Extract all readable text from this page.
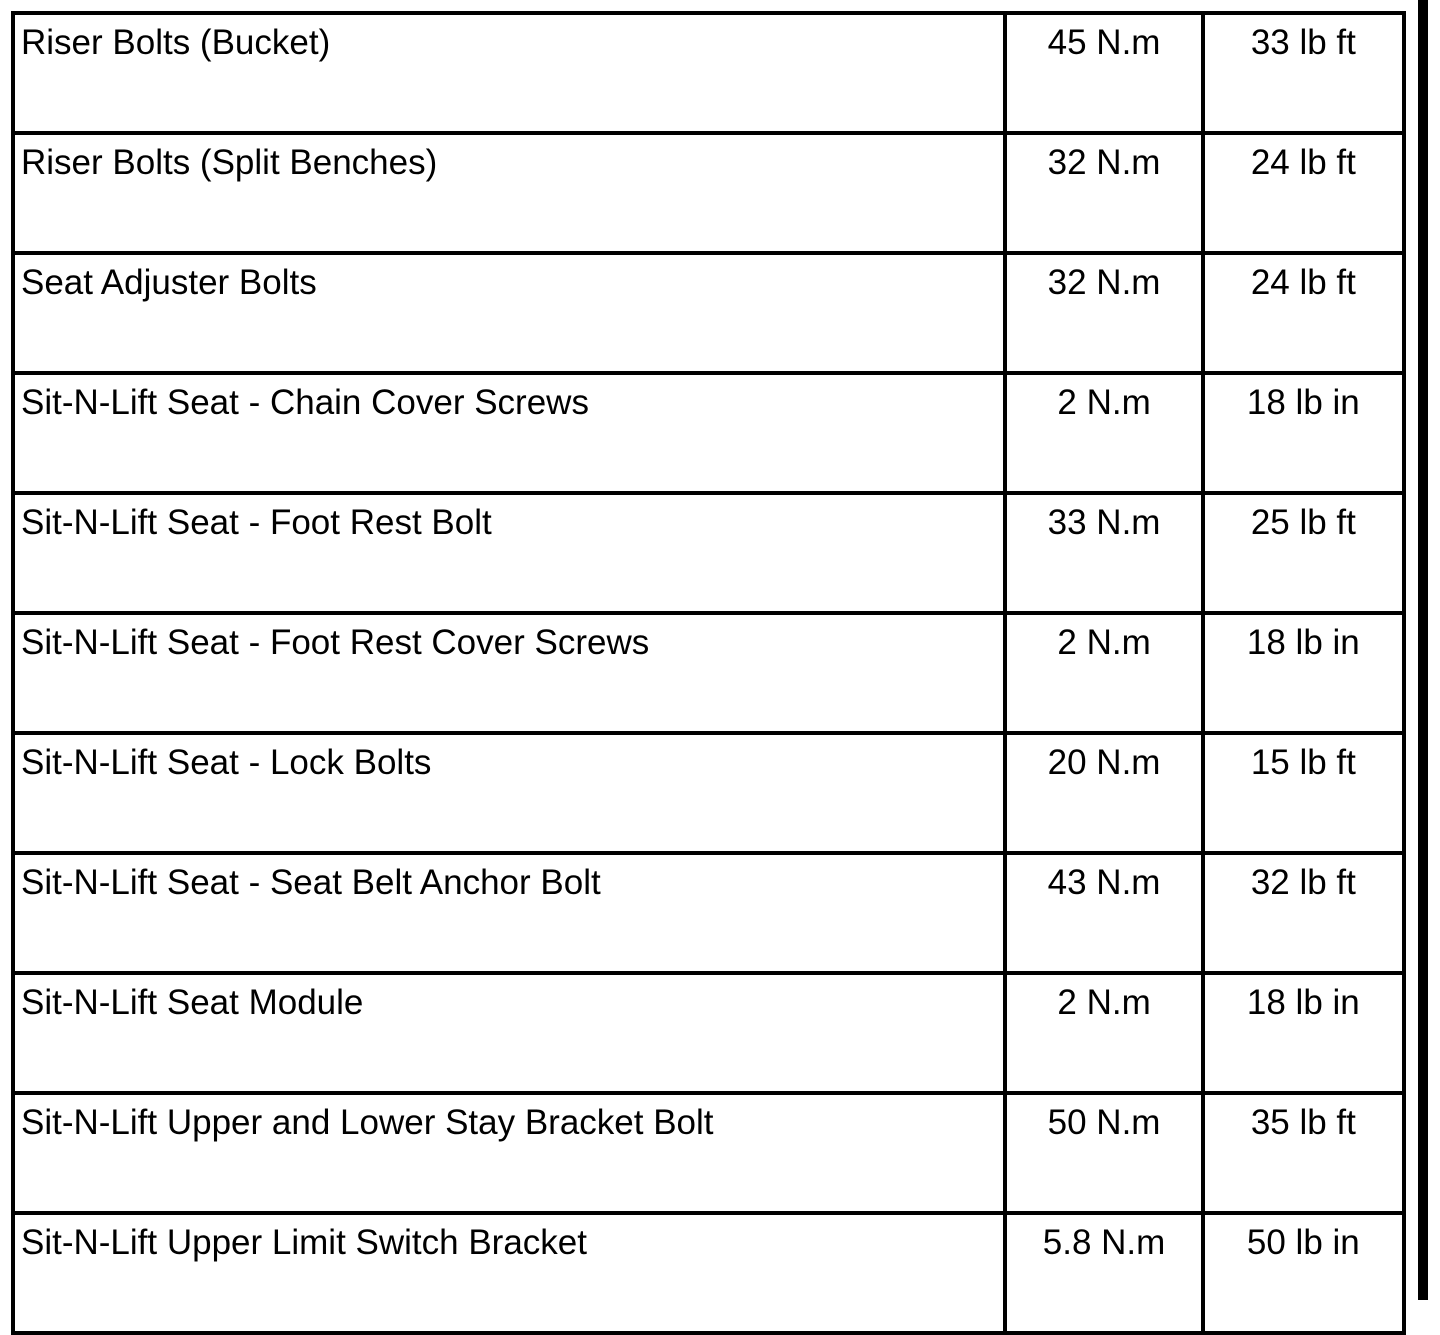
Riser Bolts (Bucket)	45 N.m	33 lb ft
Riser Bolts (Split Benches)	32 N.m	24 lb ft
Seat Adjuster Bolts	32 N.m	24 lb ft
Sit-N-Lift Seat - Chain Cover Screws	2 N.m	18 lb in
Sit-N-Lift Seat - Foot Rest Bolt	33 N.m	25 lb ft
Sit-N-Lift Seat - Foot Rest Cover Screws	2 N.m	18 lb in
Sit-N-Lift Seat - Lock Bolts	20 N.m	15 lb ft
Sit-N-Lift Seat - Seat Belt Anchor Bolt	43 N.m	32 lb ft
Sit-N-Lift Seat Module	2 N.m	18 lb in
Sit-N-Lift Upper and Lower Stay Bracket Bolt	50 N.m	35 lb ft
Sit-N-Lift Upper Limit Switch Bracket	5.8 N.m	50 lb in
